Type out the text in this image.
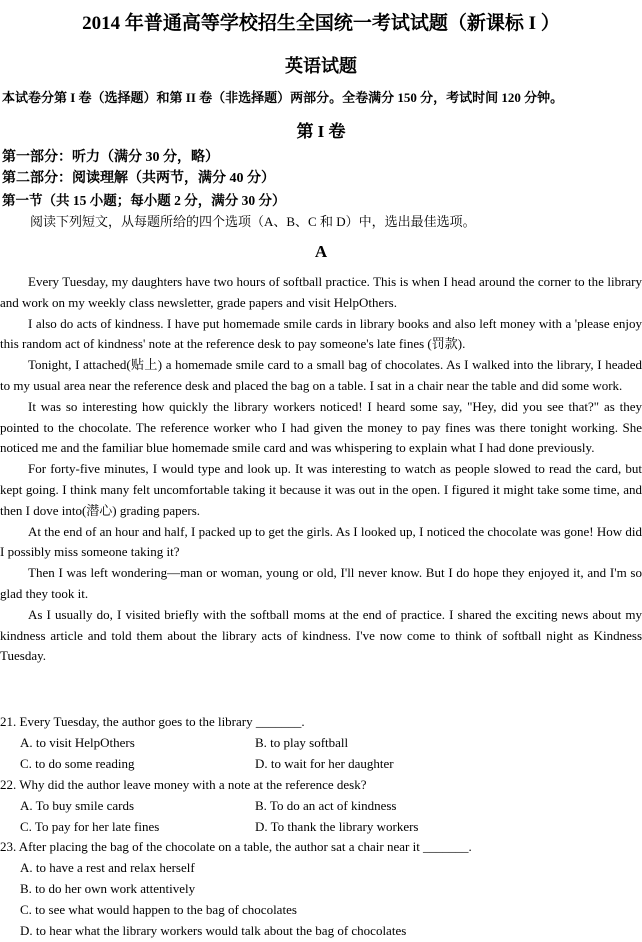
2014 年普通高等学校招生全国统一考试试题（新课标 I ）
英语试题
本试卷分第 I 卷（选择题）和第 II 卷（非选择题）两部分。全卷满分 150 分，考试时间 120 分钟。
第 I 卷
第一部分：听力（满分 30 分，略）
第二部分：阅读理解（共两节，满分 40 分）
第一节（共 15 小题；每小题 2 分，满分 30 分）
阅读下列短文，从每题所给的四个选项（A、B、C 和 D）中，选出最佳选项。
A

Every Tuesday, my daughters have two hours of softball practice. This is when I head around the corner to the library and work on my weekly class newsletter, grade papers and visit HelpOthers.

I also do acts of kindness. I have put homemade smile cards in library books and also left money with a 'please enjoy this random act of kindness' note at the reference desk to pay someone's late fines (罚款).

Tonight, I attached(贴上) a homemade smile card to a small bag of chocolates. As I walked into the library, I headed to my usual area near the reference desk and placed the bag on a table. I sat in a chair near the table and did some work.

It was so interesting how quickly the library workers noticed! I heard some say, "Hey, did you see that?" as they pointed to the chocolate. The reference worker who I had given the money to pay fines was there tonight working. She noticed me and the familiar blue homemade smile card and was whispering to explain what I had done previously.

For forty-five minutes, I would type and look up. It was interesting to watch as people slowed to read the card, but kept going. I think many felt uncomfortable taking it because it was out in the open. I figured it might take some time, and then I dove into(潜心) grading papers.

At the end of an hour and half, I packed up to get the girls. As I looked up, I noticed the chocolate was gone! How did I possibly miss someone taking it?

Then I was left wondering—man or woman, young or old, I'll never know. But I do hope they enjoyed it, and I'm so glad they took it.

As I usually do, I visited briefly with the softball moms at the end of practice. I shared the exciting news about my kindness article and told them about the library acts of kindness. I've now come to think of softball night as Kindness Tuesday.

21. Every Tuesday, the author goes to the library _______.
A. to visit HelpOthers	B. to play softball
C. to do some reading	D. to wait for her daughter
22. Why did the author leave money with a note at the reference desk?
A. To buy smile cards	B. To do an act of kindness
C. To pay for her late fines	D. To thank the library workers
23. After placing the bag of the chocolate on a table, the author sat a chair near it _______.
A. to have a rest and relax herself
B. to do her own work attentively
C. to see what would happen to the bag of chocolates
D. to hear what the library workers would talk about the bag of chocolates
